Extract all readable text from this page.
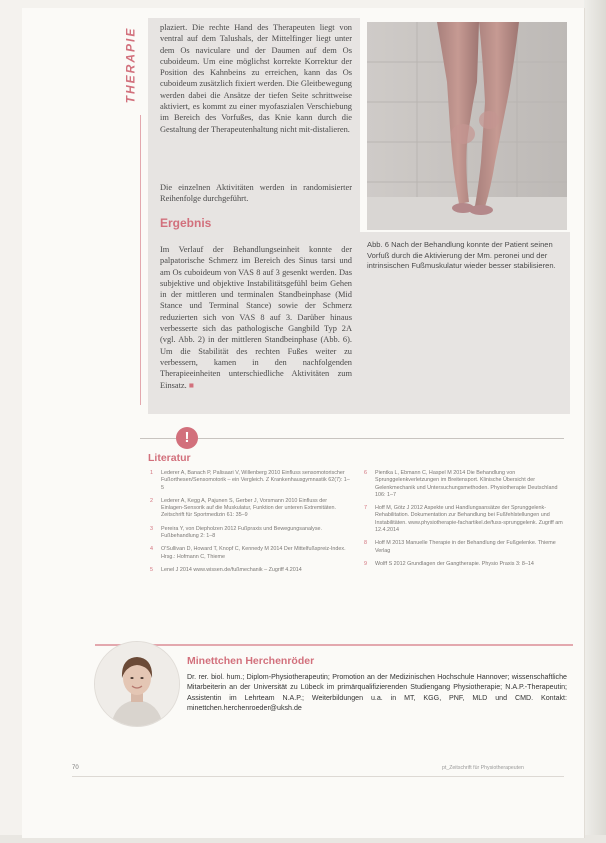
THERAPIE	plaziert. Die rechte Hand des Therapeuten liegt von ventral auf dem Talushals, der Mittelfinger liegt unter dem Os naviculare und der Daumen auf dem Os cuboideum. Um eine möglichst korrekte Korrektur der Position des Kahnbeins zu erreichen, kann das Os cuboideum zusätzlich fixiert werden. Die Gleitbewegung werden dabei die Ansätze der tiefen Seite schrittweise aktiviert, es kommt zu einer myofaszialen Verschiebung im Bereich des Vorfußes, das Knie kann durch die Gestaltung der Therapeutenhaltung nicht mit-distalieren.

Die einzelnen Aktivitäten werden in randomisierter Reihenfolge durchgeführt.

Ergebnis

Im Verlauf der Behandlungseinheit konnte der palpatorische Schmerz im Bereich des Sinus tarsi und am Os cuboideum von VAS 8 auf 3 gesenkt werden. Das subjektive und objektive Instabilitätsgefühl beim Gehen in der mittleren und terminalen Standbeinphase (Mid Stance und Terminal Stance) sowie der Schmerz reduzierten sich von VAS 8 auf 3. Darüber hinaus verbesserte sich das pathologische Gangbild Typ 2A (vgl. Abb. 2) in der mittleren Standbeinphase (Abb. 6). Um die Stabilität des rechten Fußes weiter zu verbessern, kamen in den nachfolgenden Therapieeinheiten unterschiedliche Aktivitäten zum Einsatz. ■

Abb. 6 Nach der Behandlung konnte der Patient seinen Vorfuß durch die Aktivierung der Mm. peronei und der intrinsischen Fußmuskulatur wieder besser stabilisieren.

!
Literatur
1 Lederer A, Banach P, Palisaari V, Willenberg 2010 Einfluss sensomotorischer Fußorthesen/Sensomotorik – ein Vergleich. Z Krankenhausgymnastik 62(7): 1–5
2 Lederer A, Kegg A, Pajunen S, Gerber J, Vorsmann 2010 Einfluss der Einlagen-Sensorik auf die Muskulatur, Funktion der unteren Extremitäten. Zeitschrift für Sportmedizin 61: 35–9
3 Pereira Y, von Diepholzen 2012 Fußpraxis und Bewegungsanalyse. Fußbehandlung 2: 1–8
4 O'Sullivan D, Howard T, Knopf C, Kennedy M 2014 Der Mittelfußspreiz-Index. Hrsg.: Hofmann C, Thieme
5 Lenel J 2014 www.wissen.de/fußmechanik – Zugriff 4.2014
6 Pientka L, Ebmann C, Haspel M 2014 Die Behandlung von Sprunggelenkverletzungen im Breitensport. Klinische Übersicht der Gelenkmechanik und Untersuchungsmethoden. Physiotherapie Deutschland 106: 1–7
7 Hoff M, Götz J 2012 Aspekte und Handlungsansätze der Sprunggelenk-Rehabilitation. Dokumentation zur Behandlung bei Fußfehlstellungen und Instabilitäten. www.physiotherapie-fachartikel.de/fuss-sprunggelenk. Zugriff am 12.4.2014
8 Hoff M 2013 Manuelle Therapie in der Behandlung der Fußgelenke. Thieme Verlag
9 Wolff S 2012 Grundlagen der Gangtherapie. Physio Praxis 3: 8–14
Minettchen Herchenröder

Dr. rer. biol. hum.; Diplom-Physiotherapeutin; Promotion an der Medizinischen Hochschule Hannover; wissenschaftliche Mitarbeiterin an der Universität zu Lübeck im primärqualifizierenden Studiengang Physiotherapie; N.A.P.-Therapeutin; Assistentin im Lehrteam N.A.P.; Weiterbildungen u.a. in MT, KGG, PNF, MLD und CMD. Kontakt: minettchen.herchenroeder@uksh.de

70	pt_Zeitschrift für Physiotherapeuten
